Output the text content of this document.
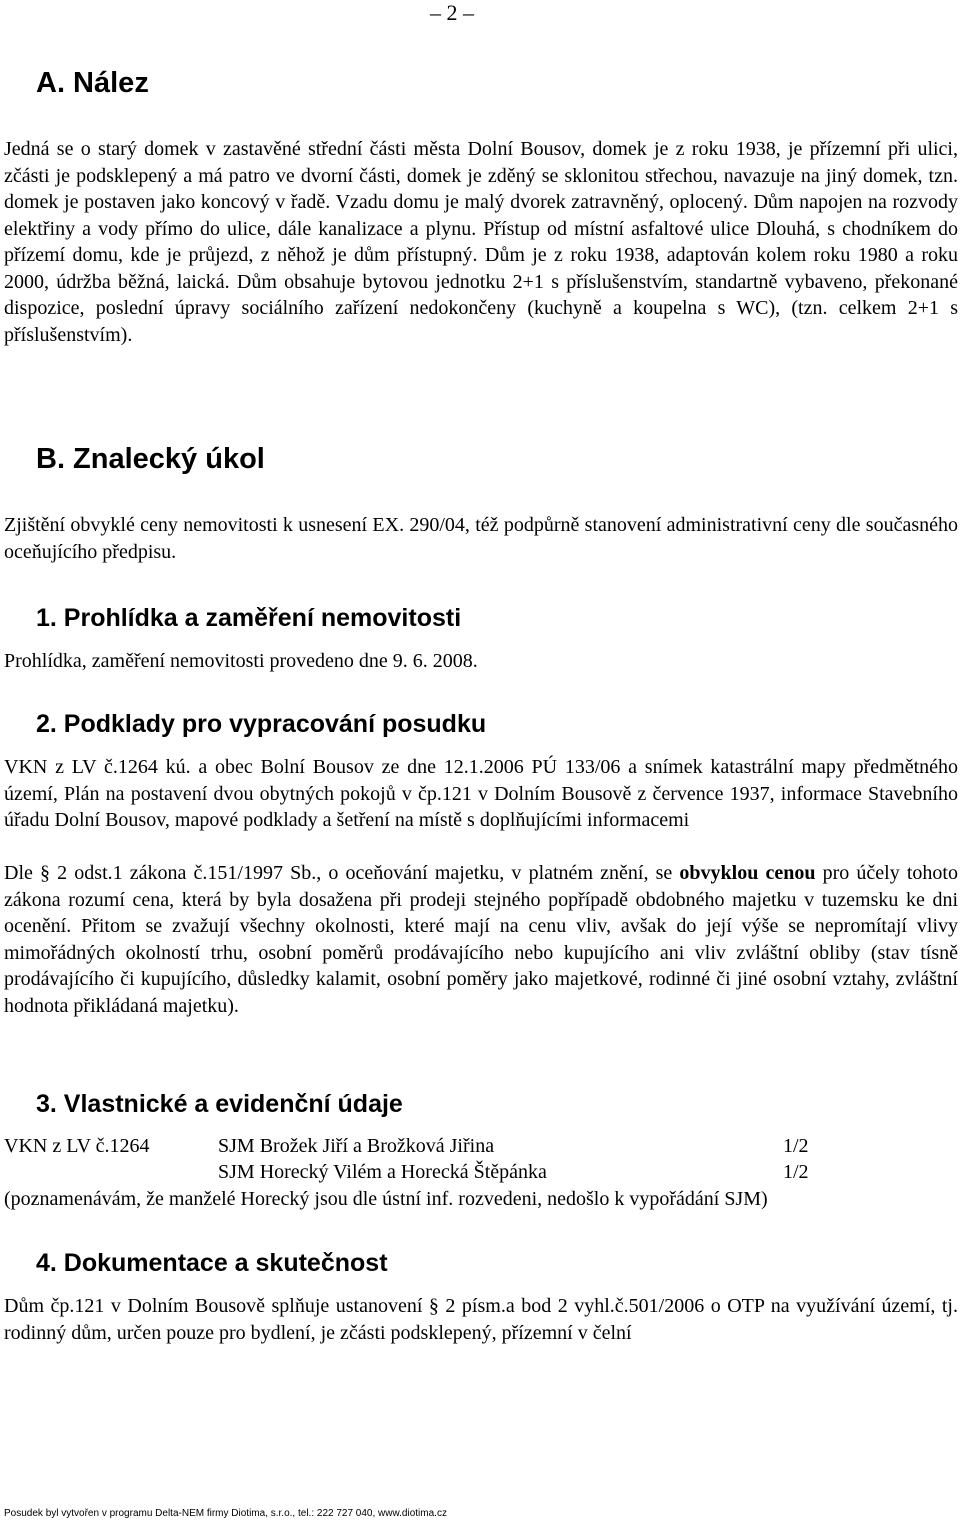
– 2 –
A. Nález

Jedná se o starý domek v zastavěné střední části města Dolní Bousov, domek je z roku 1938, je přízemní při ulici, zčásti je podsklepený a má patro ve dvorní části, domek je zděný se sklonitou střechou, navazuje na jiný domek, tzn. domek je postaven jako koncový v řadě. Vzadu domu je malý dvorek zatravněný, oplocený. Dům napojen na rozvody elektřiny a vody přímo do ulice, dále kanalizace a plynu. Přístup od místní asfaltové ulice Dlouhá, s chodníkem do přízemí domu, kde je průjezd, z něhož je dům přístupný. Dům je z roku 1938, adaptován kolem roku 1980 a roku 2000, údržba běžná, laická. Dům obsahuje bytovou jednotku 2+1 s příslušenstvím, standartně vybaveno, překonané dispozice, poslední úpravy sociálního zařízení nedokončeny (kuchyně a koupelna s WC), (tzn. celkem 2+1 s příslušenstvím).

B. Znalecký úkol

Zjištění obvyklé ceny nemovitosti k usnesení EX. 290/04, též podpůrně stanovení administrativní ceny dle současného oceňujícího předpisu.

1. Prohlídka a zaměření nemovitosti
Prohlídka, zaměření nemovitosti provedeno dne 9. 6. 2008.
2. Podklady pro vypracování posudku

VKN z LV č.1264 kú. a obec Bolní Bousov ze dne 12.1.2006 PÚ 133/06 a snímek katastrální mapy předmětného území, Plán na postavení dvou obytných pokojů v čp.121 v Dolním Bousově z července 1937, informace Stavebního úřadu Dolní Bousov, mapové podklady a šetření na místě s doplňujícími informacemi

Dle § 2 odst.1 zákona č.151/1997 Sb., o oceňování majetku, v platném znění, se obvyklou cenou pro účely tohoto zákona rozumí cena, která by byla dosažena při prodeji stejného popřípadě obdobného majetku v tuzemsku ke dni ocenění. Přitom se zvažují všechny okolnosti, které mají na cenu vliv, avšak do její výše se nepromítají vlivy mimořádných okolností trhu, osobní poměrů prodávajícího nebo kupujícího ani vliv zvláštní obliby (stav tísně prodávajícího či kupujícího, důsledky kalamit, osobní poměry jako majetkové, rodinné či jiné osobní vztahy, zvláštní hodnota přikládaná majetku).

3. Vlastnické a evidenční údaje
VKN z LV č.1264	SJM Brožek Jiří a Brožková Jiřina	1/2
SJM Horecký Vilém a Horecká Štěpánka	1/2
(poznamenávám, že manželé Horecký jsou dle ústní inf. rozvedeni, nedošlo k vypořádání SJM)
4. Dokumentace a skutečnost

Dům čp.121 v Dolním Bousově splňuje ustanovení § 2 písm.a bod 2 vyhl.č.501/2006 o OTP na využívání území, tj. rodinný dům, určen pouze pro bydlení, je zčásti podsklepený, přízemní v čelní

Posudek byl vytvořen v programu Delta-NEM firmy Diotima, s.r.o., tel.: 222 727 040, www.diotima.cz
